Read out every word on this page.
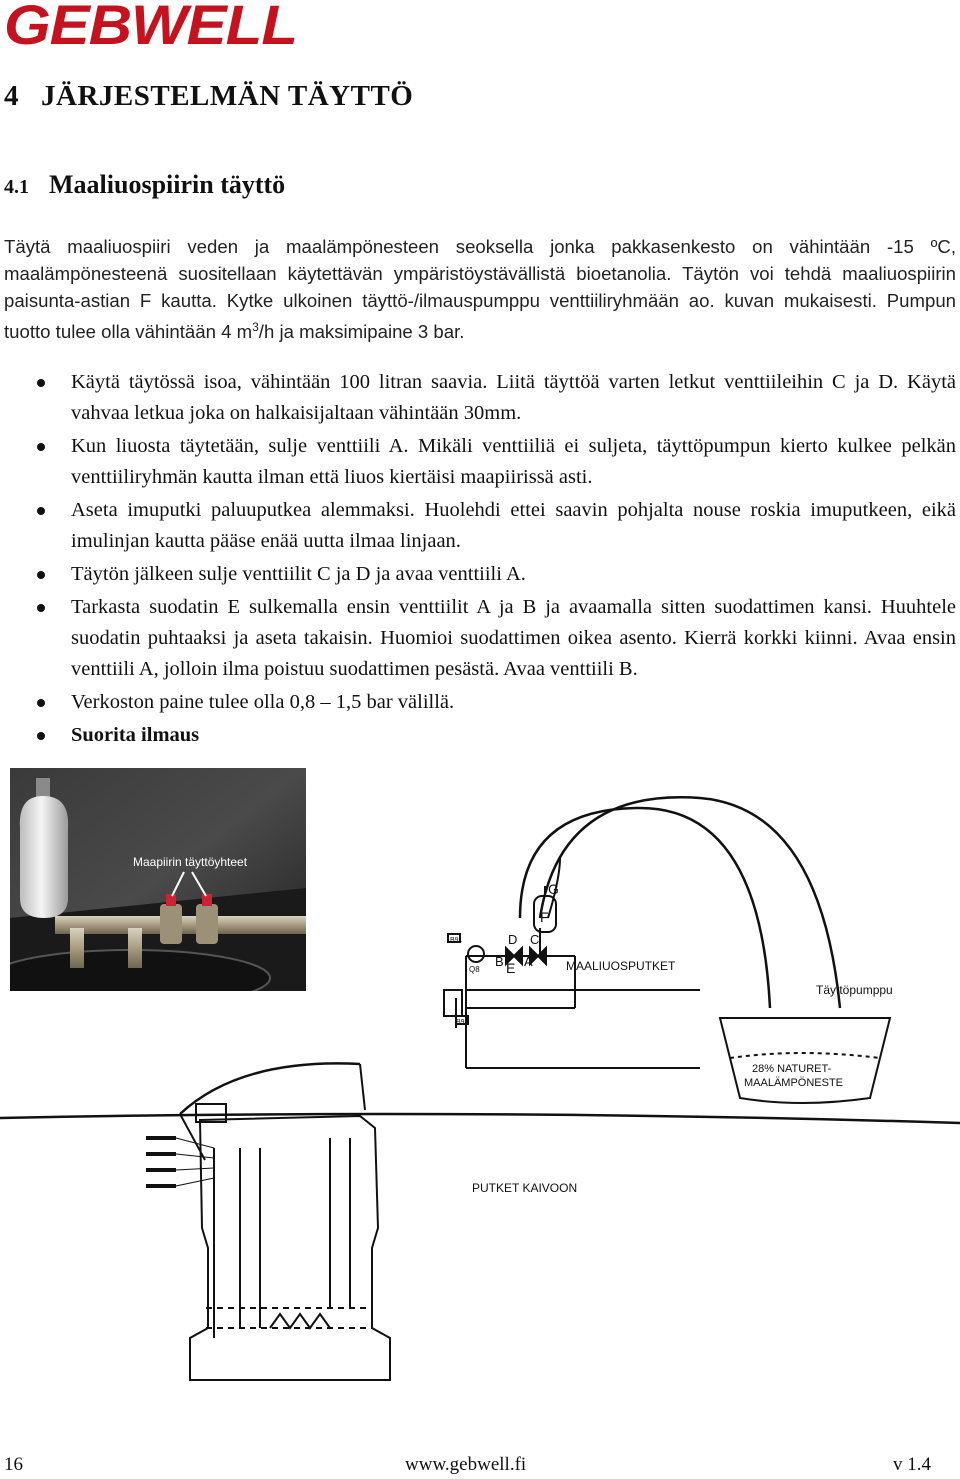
GEBWELL
4 JÄRJESTELMÄN TÄYTTÖ
4.1 Maaliuospiirin täyttö

Täytä maaliuospiiri veden ja maalämpönesteen seoksella jonka pakkasenkesto on vähintään -15 ºC, maalämpönesteenä suositellaan käytettävän ympäristöystävällistä bioetanolia. Täytön voi tehdä maaliuospiirin paisunta-astian F kautta. Kytke ulkoinen täyttö-/ilmauspumppu venttiiliryhmään ao. kuvan mukaisesti. Pumpun tuotto tulee olla vähintään 4 $m^3/h$ ja maksimipaine 3 bar.

Käytä täytössä isoa, vähintään 100 litran saavia. Liitä täyttöä varten letkut venttiileihin C ja D. Käytä vahvaa letkua joka on halkaisijaltaan vähintään 30mm.
Kun liuosta täytetään, sulje venttiili A. Mikäli venttiiliä ei suljeta, täyttöpumpun kierto kulkee pelkän venttiiliryhmän kautta ilman että liuos kiertäisi maapiirissä asti.
Aseta imuputki paluuputkea alemmaksi. Huolehdi ettei saavin pohjalta nouse roskia imuputkeen, eikä imulinjan kautta pääse enää uutta ilmaa linjaan.
Täytön jälkeen sulje venttiilit C ja D ja avaa venttiili A.
Tarkasta suodatin E sulkemalla ensin venttiilit A ja B ja avaamalla sitten suodattimen kansi. Huuhtele suodatin puhtaaksi ja aseta takaisin. Huomioi suodattimen oikea asento. Kierrä korkki kiinni. Avaa ensin venttiili A, jolloin ilma poistuu suodattimen pesästä. Avaa venttiili B.
Verkoston paine tulee olla 0,8 – 1,5 bar välillä.
Suorita ilmaus
Maapiirin täyttöyhteet
G
F
D C
B E A
Q8
B91
B92
MAALIUOSPUTKET
Täyttöpumppu
28% NATURET-
MAALÄMPÖNESTE
PUTKET KAIVOON
16	www.gebwell.fi	v 1.4
